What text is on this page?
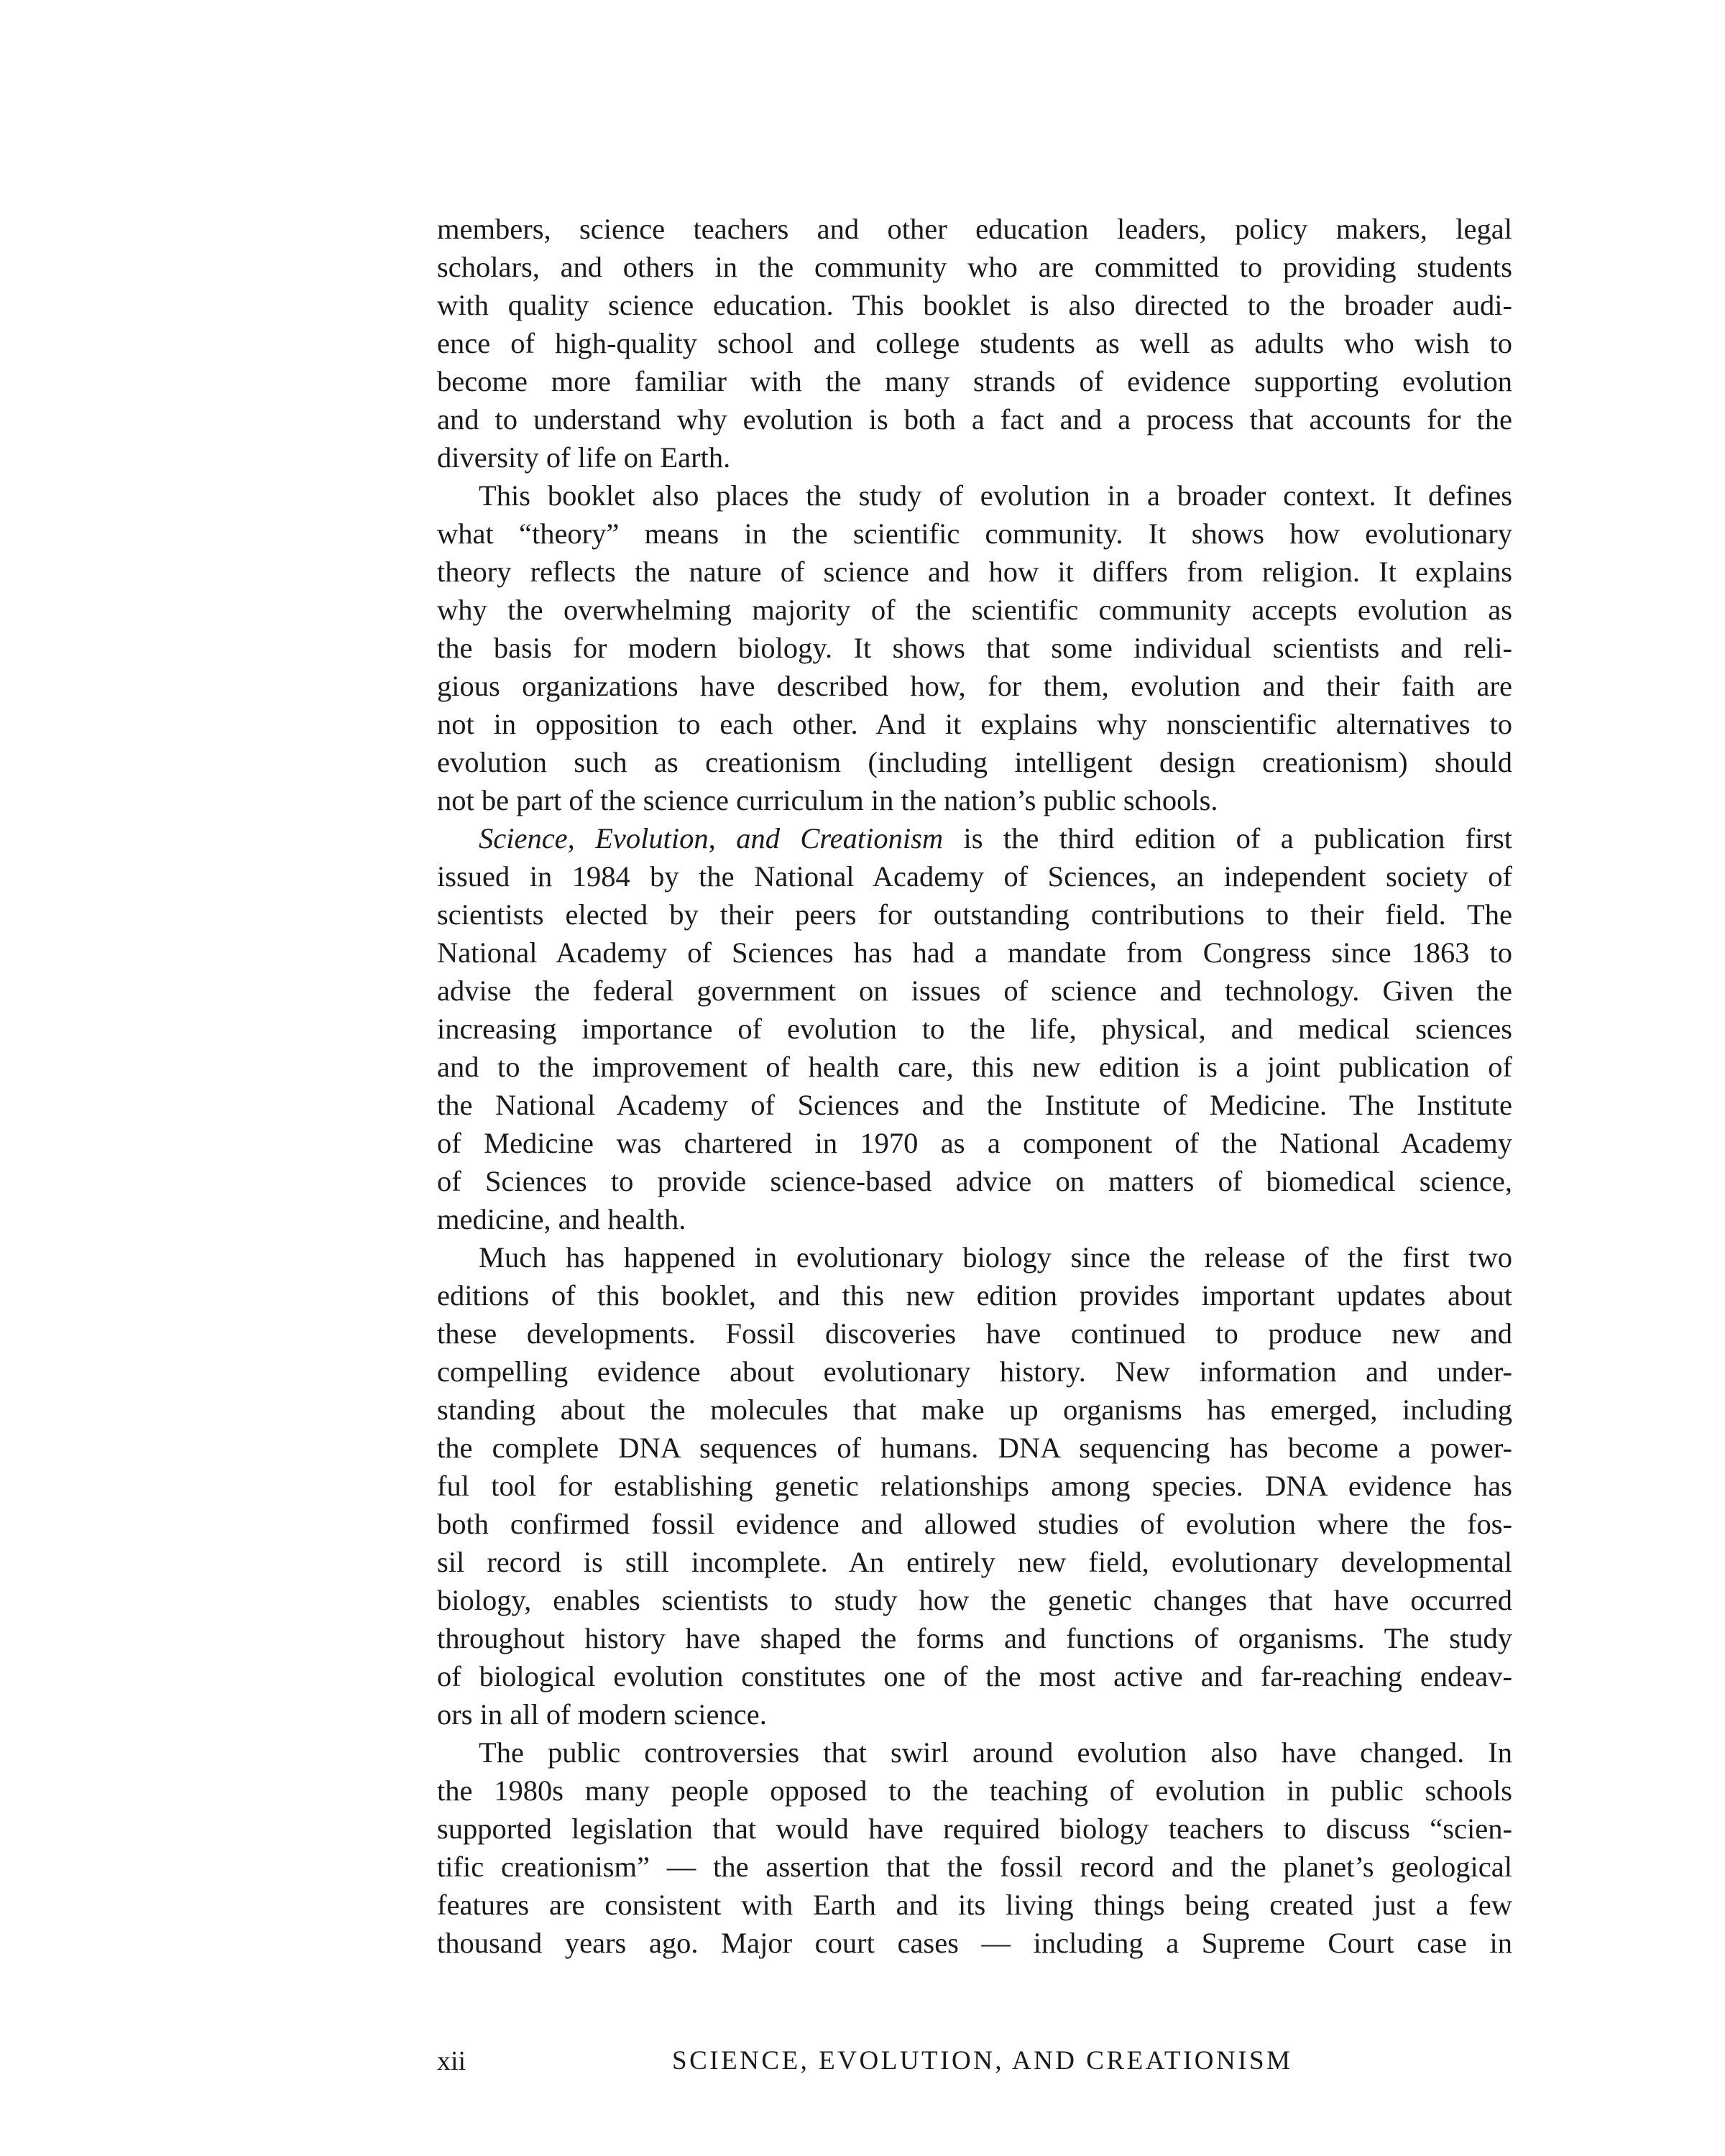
members, science teachers and other education leaders, policy makers, legal
scholars, and others in the community who are committed to providing students
with quality science education. This booklet is also directed to the broader audi-
ence of high-quality school and college students as well as adults who wish to
become more familiar with the many strands of evidence supporting evolution
and to understand why evolution is both a fact and a process that accounts for the
diversity of life on Earth.
This booklet also places the study of evolution in a broader context. It defines
what “theory” means in the scientific community. It shows how evolutionary
theory reflects the nature of science and how it differs from religion. It explains
why the overwhelming majority of the scientific community accepts evolution as
the basis for modern biology. It shows that some individual scientists and reli-
gious organizations have described how, for them, evolution and their faith are
not in opposition to each other. And it explains why nonscientific alternatives to
evolution such as creationism (including intelligent design creationism) should
not be part of the science curriculum in the nation’s public schools.
Science, Evolution, and Creationism is the third edition of a publication first
issued in 1984 by the National Academy of Sciences, an independent society of
scientists elected by their peers for outstanding contributions to their field. The
National Academy of Sciences has had a mandate from Congress since 1863 to
advise the federal government on issues of science and technology. Given the
increasing importance of evolution to the life, physical, and medical sciences
and to the improvement of health care, this new edition is a joint publication of
the National Academy of Sciences and the Institute of Medicine. The Institute
of Medicine was chartered in 1970 as a component of the National Academy
of Sciences to provide science-based advice on matters of biomedical science,
medicine, and health.
Much has happened in evolutionary biology since the release of the first two
editions of this booklet, and this new edition provides important updates about
these developments. Fossil discoveries have continued to produce new and
compelling evidence about evolutionary history. New information and under-
standing about the molecules that make up organisms has emerged, including
the complete DNA sequences of humans. DNA sequencing has become a power-
ful tool for establishing genetic relationships among species. DNA evidence has
both confirmed fossil evidence and allowed studies of evolution where the fos-
sil record is still incomplete. An entirely new field, evolutionary developmental
biology, enables scientists to study how the genetic changes that have occurred
throughout history have shaped the forms and functions of organisms. The study
of biological evolution constitutes one of the most active and far-reaching endeav-
ors in all of modern science.
The public controversies that swirl around evolution also have changed. In
the 1980s many people opposed to the teaching of evolution in public schools
supported legislation that would have required biology teachers to discuss “scien-
tific creationism” — the assertion that the fossil record and the planet’s geological
features are consistent with Earth and its living things being created just a few
thousand years ago. Major court cases — including a Supreme Court case in
xii	SCIENCE, EVOLUTION, AND CREATIONISM
